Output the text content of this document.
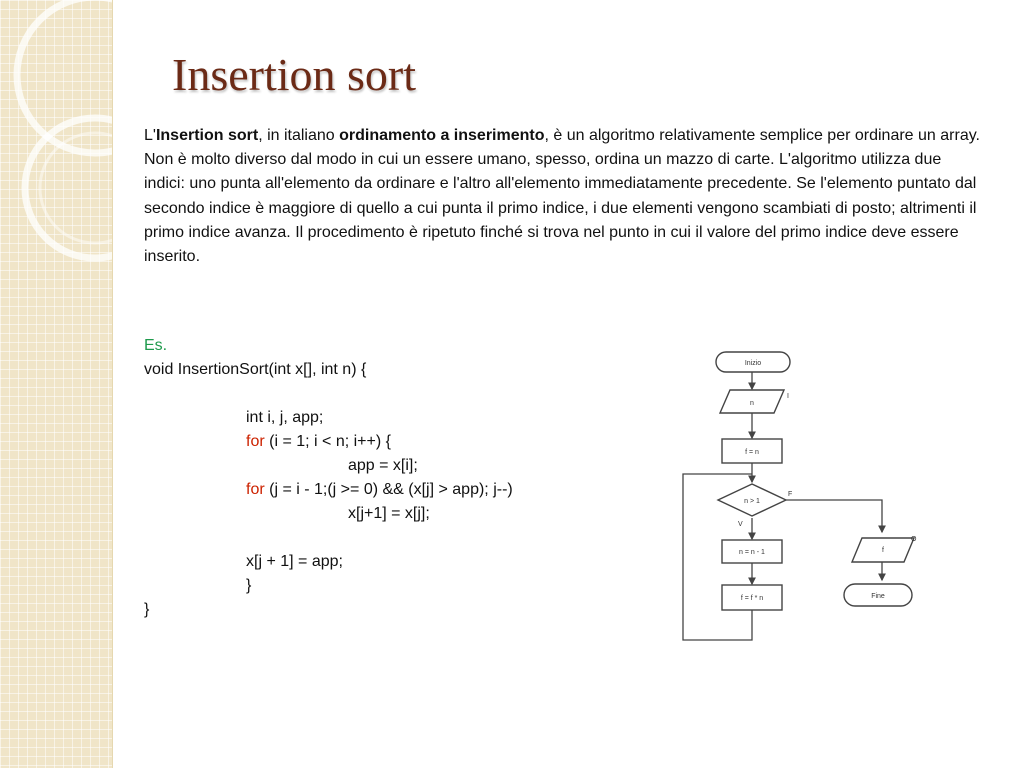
Insertion sort

L'Insertion sort, in italiano ordinamento a inserimento, è un algoritmo relativamente semplice per ordinare un array. Non è molto diverso dal modo in cui un essere umano, spesso, ordina un mazzo di carte. L'algoritmo utilizza due indici: uno punta all'elemento da ordinare e l'altro all'elemento immediatamente precedente. Se l'elemento puntato dal secondo indice è maggiore di quello a cui punta il primo indice, i due elementi vengono scambiati di posto; altrimenti il primo indice avanza. Il procedimento è ripetuto finché si trova nel punto in cui il valore del primo indice deve essere inserito.

Es.
void InsertionSort(int x[], int n) {
int i, j, app;
for (i = 1; i < n; i++) {
app = x[i];
for (j = i - 1;(j >= 0) && (x[j] > app); j--)
x[j+1] = x[j];
x[j + 1] = app;
}
}
Inizio
n
I
f = n
n > 1
F
V
n = n - 1
f = f * n
f
O
Fine
